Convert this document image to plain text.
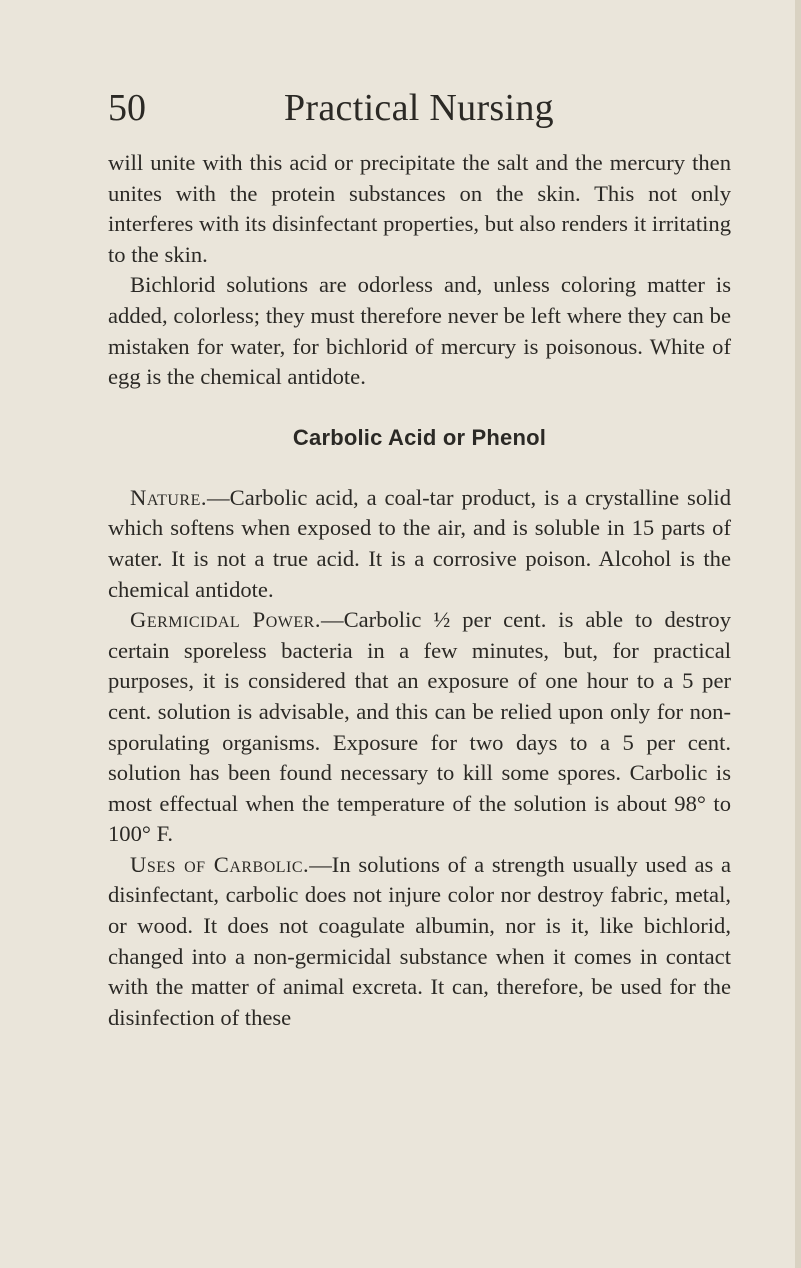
50	Practical Nursing

will unite with this acid or precipitate the salt and the mercury then unites with the protein substances on the skin. This not only interferes with its disinfectant properties, but also renders it irritating to the skin.

Bichlorid solutions are odorless and, unless coloring matter is added, colorless; they must therefore never be left where they can be mistaken for water, for bichlorid of mercury is poisonous. White of egg is the chemical antidote.

Carbolic Acid or Phenol

Nature.—Carbolic acid, a coal-tar product, is a crystalline solid which softens when exposed to the air, and is soluble in 15 parts of water. It is not a true acid. It is a corrosive poison. Alcohol is the chemical antidote.

Germicidal Power.—Carbolic ½ per cent. is able to destroy certain sporeless bacteria in a few minutes, but, for practical purposes, it is considered that an exposure of one hour to a 5 per cent. solution is advisable, and this can be relied upon only for non-sporulating organisms. Exposure for two days to a 5 per cent. solution has been found necessary to kill some spores. Carbolic is most effectual when the temperature of the solution is about 98° to 100° F.

Uses of Carbolic.—In solutions of a strength usually used as a disinfectant, carbolic does not injure color nor destroy fabric, metal, or wood. It does not coagulate albumin, nor is it, like bichlorid, changed into a non-germicidal substance when it comes in contact with the matter of animal excreta. It can, therefore, be used for the disinfection of these
